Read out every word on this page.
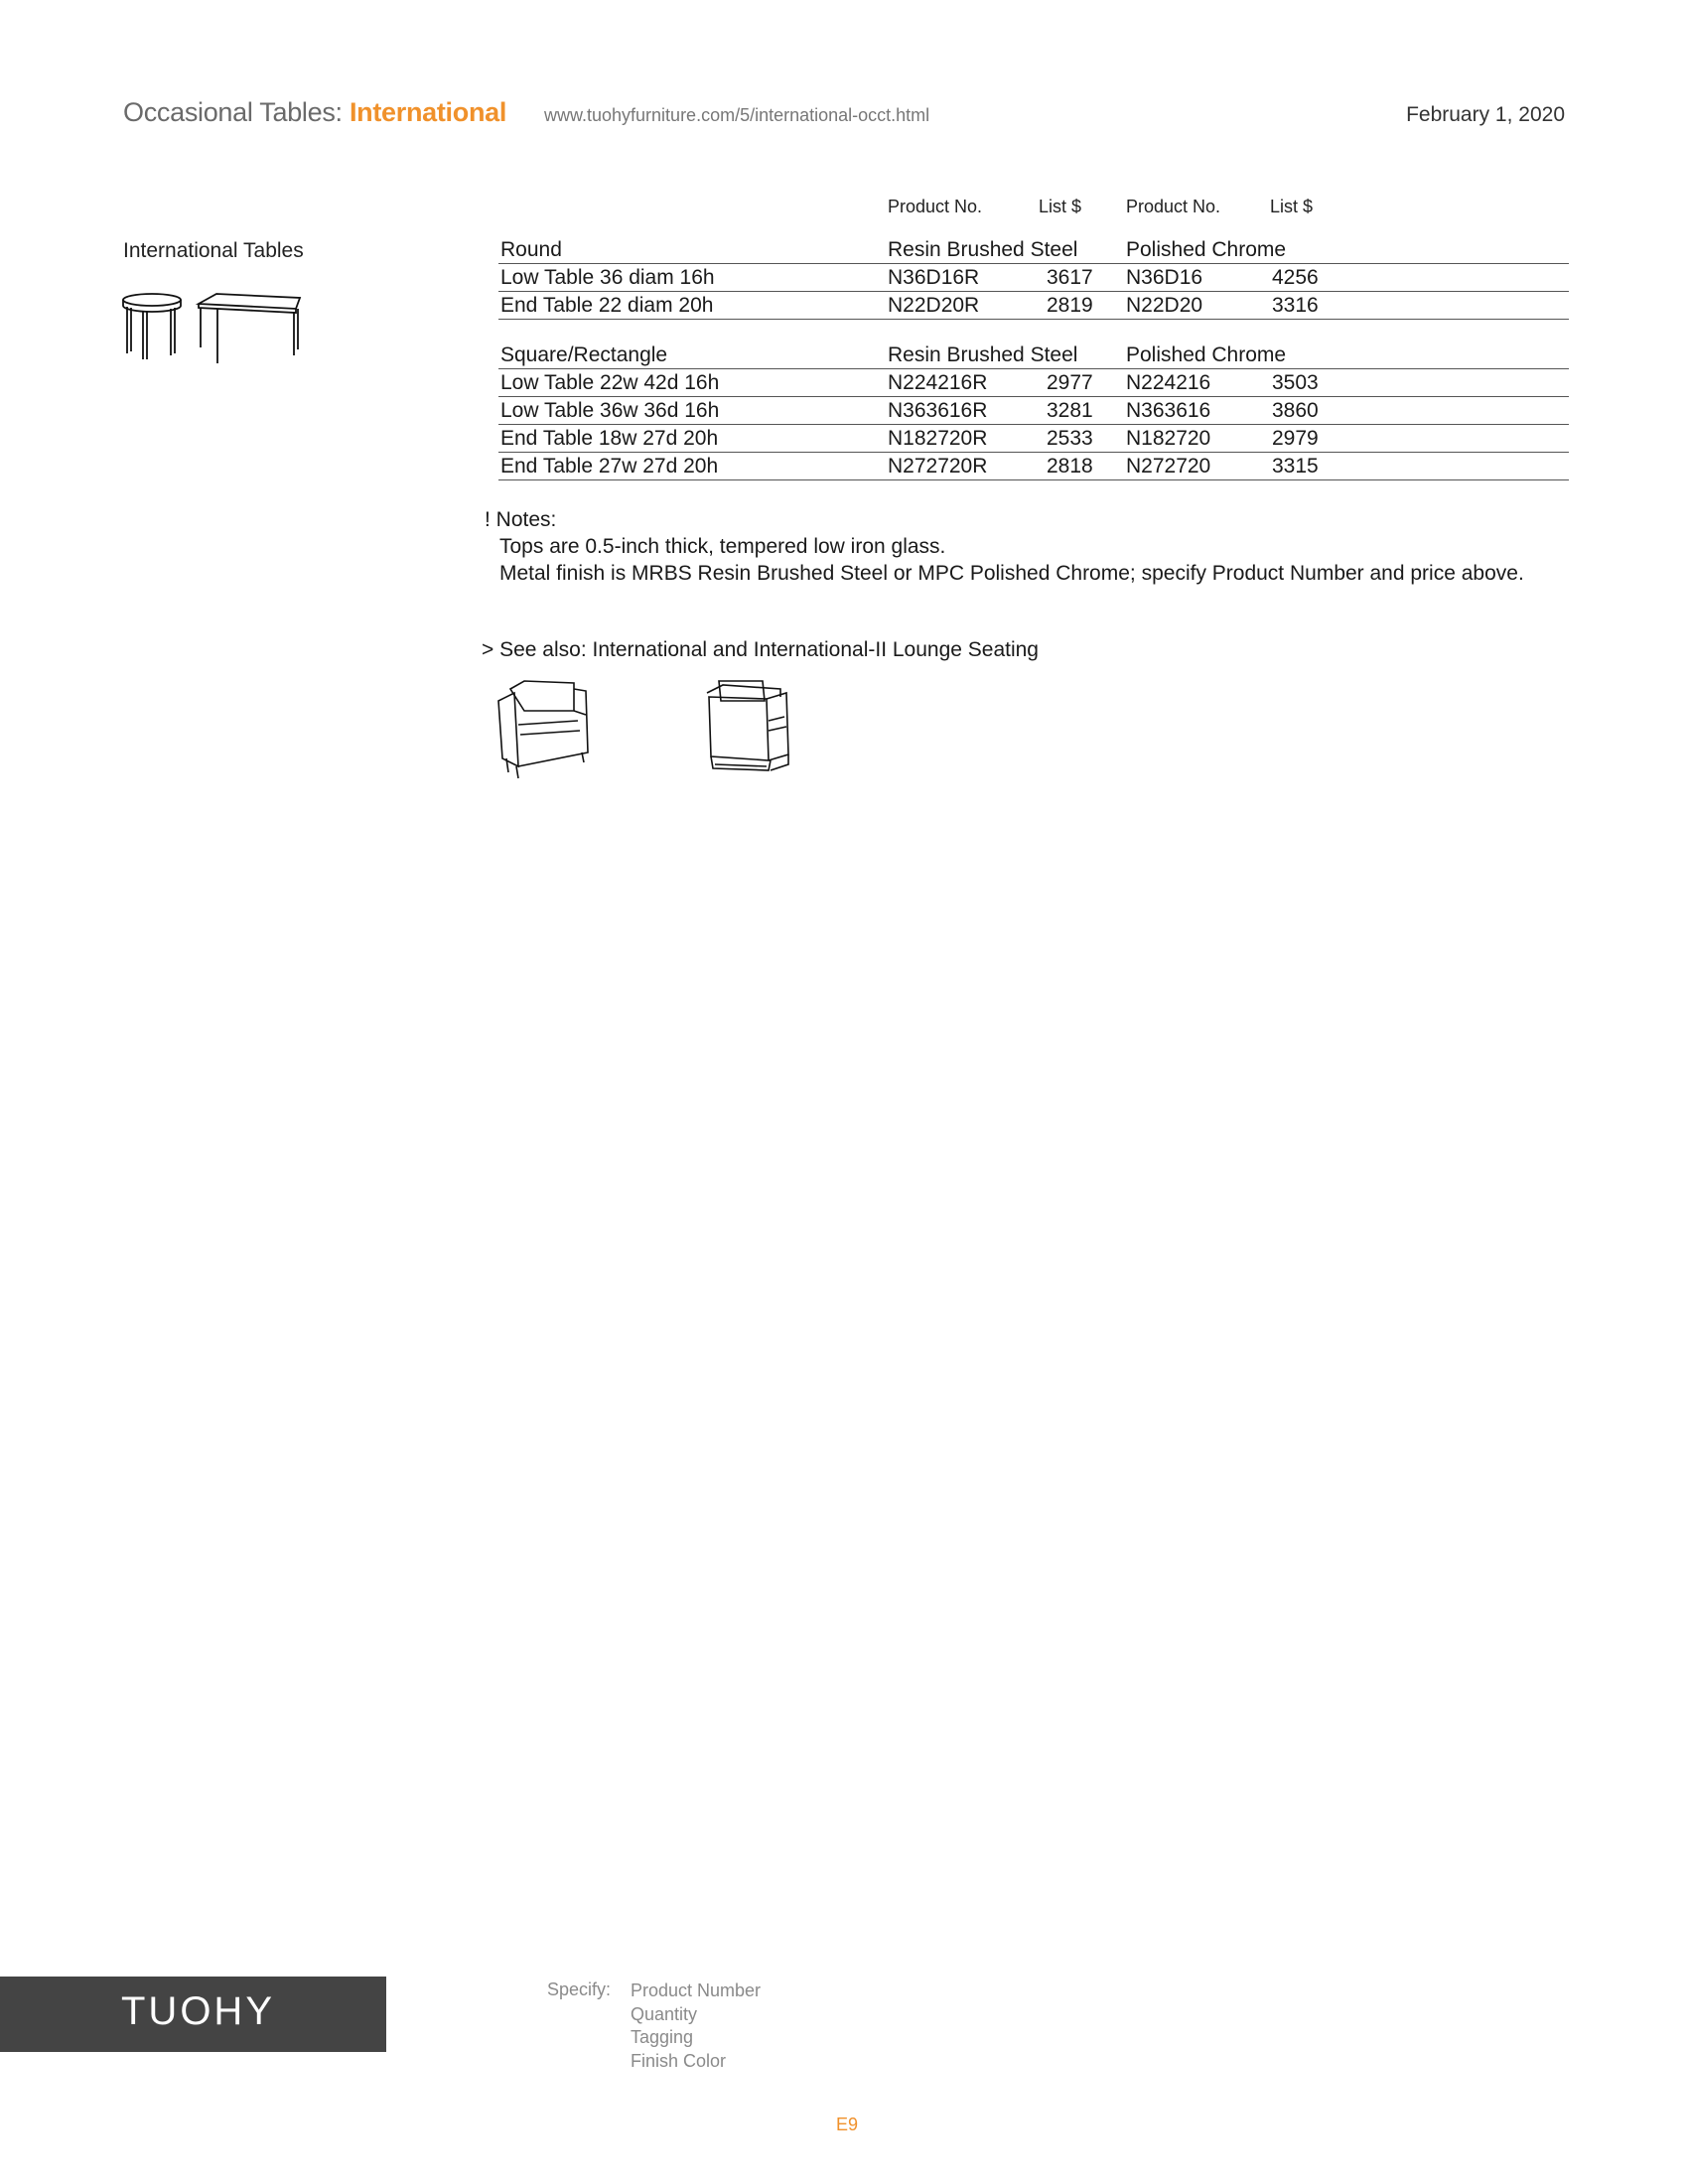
Occasional Tables: International www.tuohyfurniture.com/5/international-occt.html	February 1, 2020
International Tables
Product No.	List $ Product No.	List $
Round	Resin Brushed Steel Polished Chrome
Low Table 36 diam 16h	N36D16R	3617 N36D16	4256
End Table 22 diam 20h	N22D20R	2819 N22D20	3316
Square/Rectangle	Resin Brushed Steel Polished Chrome
Low Table 22w 42d 16h	N224216R	2977 N224216	3503
Low Table 36w 36d 16h	N363616R	3281 N363616	3860
End Table 18w 27d 20h	N182720R	2533 N182720	2979
End Table 27w 27d 20h	N272720R	2818 N272720	3315
! Notes:
Tops are 0.5-inch thick, tempered low iron glass.
Metal finish is MRBS Resin Brushed Steel or MPC Polished Chrome; specify Product Number and price above.
> See also: International and International-II Lounge Seating
TUOHY	Specify: Product Number
Quantity
Tagging
Finish Color
E9
